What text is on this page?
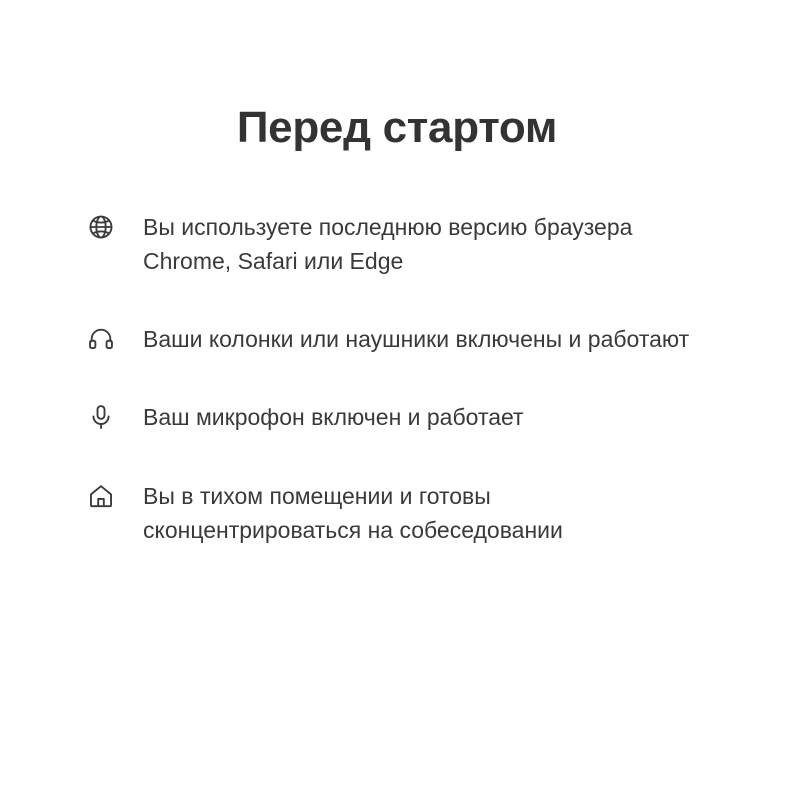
Перед стартом
Вы используете последнюю версию браузера Chrome, Safari или Edge
Ваши колонки или наушники включены и работают
Ваш микрофон включен и работает
Вы в тихом помещении и готовы сконцентрироваться на собеседовании
